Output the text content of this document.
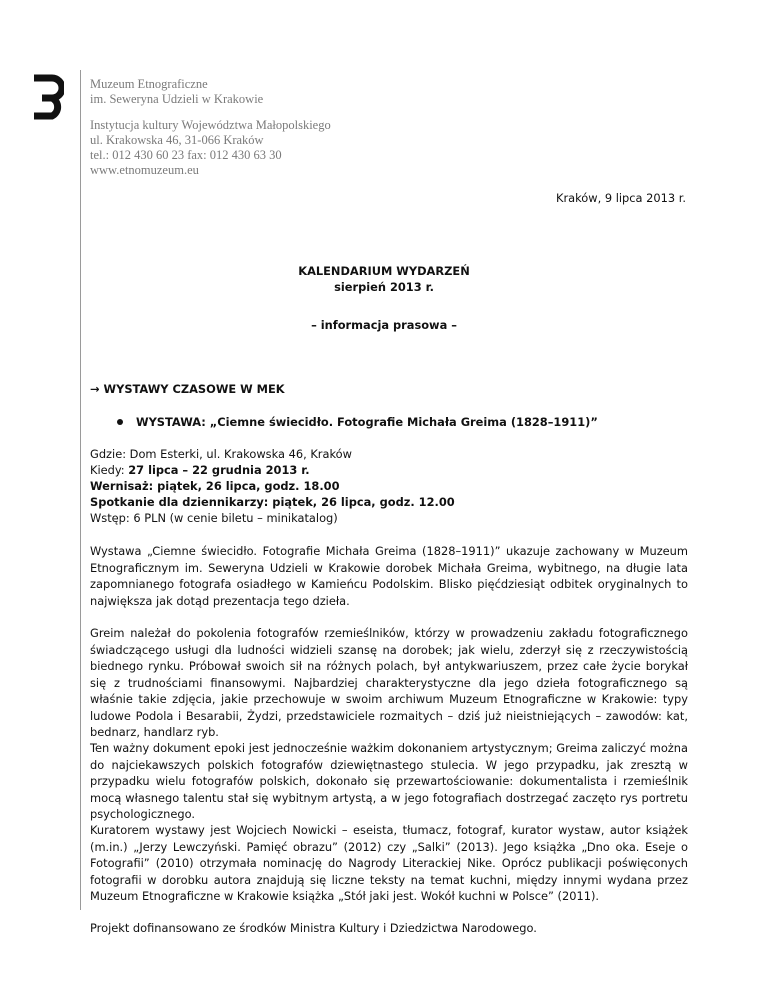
Muzeum Etnograficzne
im. Seweryna Udzieli w Krakowie
Instytucja kultury Województwa Małopolskiego
ul. Krakowska 46, 31-066 Kraków
tel.: 012 430 60 23 fax: 012 430 63 30
www.etnomuzeum.eu
Kraków, 9 lipca 2013 r.
KALENDARIUM WYDARZEŃ
sierpień 2013 r.
– informacja prasowa –
→ WYSTAWY CZASOWE W MEK
WYSTAWA: „Ciemne świecidło. Fotografie Michała Greima (1828–1911)”
Gdzie: Dom Esterki, ul. Krakowska 46, Kraków
Kiedy: 27 lipca – 22 grudnia 2013 r.
Wernisaż: piątek, 26 lipca, godz. 18.00
Spotkanie dla dziennikarzy: piątek, 26 lipca, godz. 12.00
Wstęp: 6 PLN (w cenie biletu – minikatalog)
Wystawa „Ciemne świecidło. Fotografie Michała Greima (1828–1911)” ukazuje zachowany w Muzeum Etnograficznym im. Seweryna Udzieli w Krakowie dorobek Michała Greima, wybitnego, na długie lata zapomnianego fotografa osiadłego w Kamieńcu Podolskim. Blisko pięćdziesiąt odbitek oryginalnych to największa jak dotąd prezentacja tego dzieła.
Greim należał do pokolenia fotografów rzemieślników, którzy w prowadzeniu zakładu fotograficznego świadczącego usługi dla ludności widzieli szansę na dorobek; jak wielu, zderzył się z rzeczywistością biednego rynku. Próbował swoich sił na różnych polach, był antykwariuszem, przez całe życie borykał się z trudnościami finansowymi. Najbardziej charakterystyczne dla jego dzieła fotograficznego są właśnie takie zdjęcia, jakie przechowuje w swoim archiwum Muzeum Etnograficzne w Krakowie: typy ludowe Podola i Besarabii, Żydzi, przedstawiciele rozmaitych – dziś już nieistniejących – zawodów: kat, bednarz, handlarz ryb.
Ten ważny dokument epoki jest jednocześnie ważkim dokonaniem artystycznym; Greima zaliczyć można do najciekawszych polskich fotografów dziewiętnastego stulecia. W jego przypadku, jak zresztą w przypadku wielu fotografów polskich, dokonało się przewartościowanie: dokumentalista i rzemieślnik mocą własnego talentu stał się wybitnym artystą, a w jego fotografiach dostrzegać zaczęto rys portretu psychologicznego.
Kuratorem wystawy jest Wojciech Nowicki – eseista, tłumacz, fotograf, kurator wystaw, autor książek (m.in.) „Jerzy Lewczyński. Pamięć obrazu” (2012) czy „Salki” (2013). Jego książka „Dno oka. Eseje o Fotografii” (2010) otrzymała nominację do Nagrody Literackiej Nike. Oprócz publikacji poświęconych fotografii w dorobku autora znajdują się liczne teksty na temat kuchni, między innymi wydana przez Muzeum Etnograficzne w Krakowie książka „Stół jaki jest. Wokół kuchni w Polsce” (2011).
Projekt dofinansowano ze środków Ministra Kultury i Dziedzictwa Narodowego.
